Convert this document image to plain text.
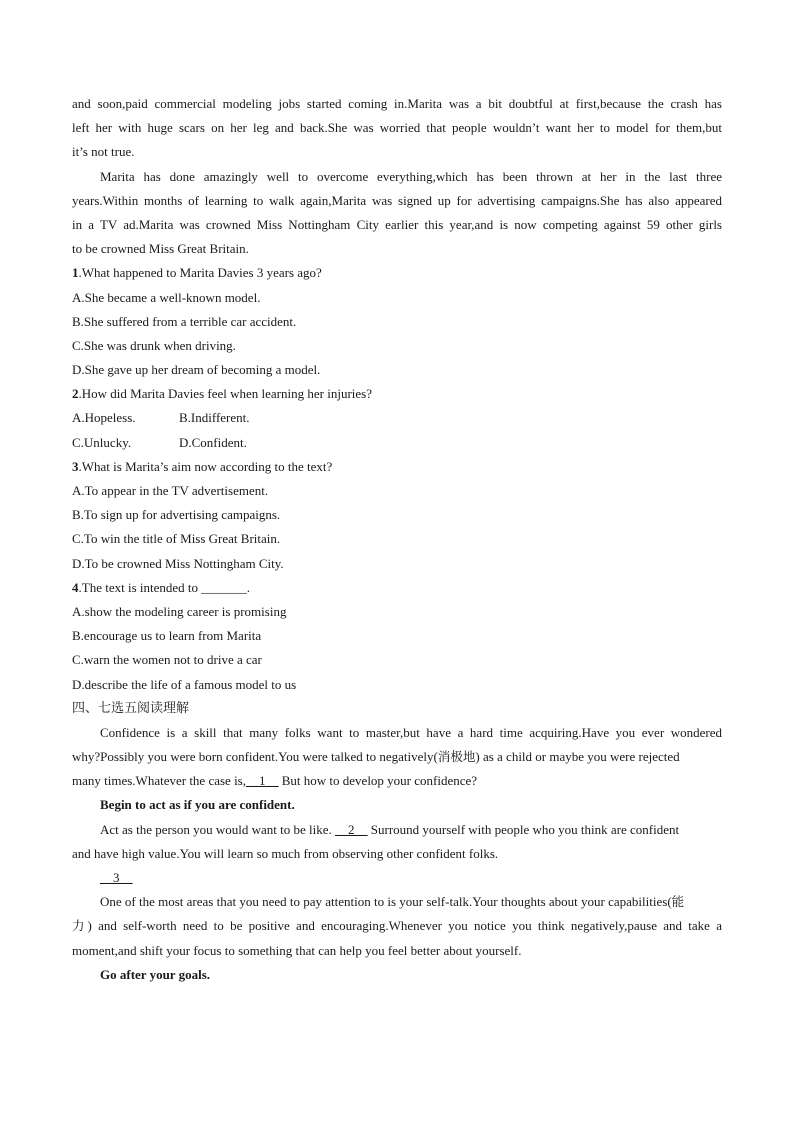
and soon,paid commercial modeling jobs started coming in.Marita was a bit doubtful at first,because the crash has
left her with huge scars on her leg and back.She was worried that people wouldn’t want her to model for them,but
it’s not true.
Marita has done amazingly well to overcome everything,which has been thrown at her in the last three
years.Within months of learning to walk again,Marita was signed up for advertising campaigns.She has also appeared
in a TV ad.Marita was crowned Miss Nottingham City earlier this year,and is now competing against 59 other girls
to be crowned Miss Great Britain.
1.What happened to Marita Davies 3 years ago?
A.She became a well-known model.
B.She suffered from a terrible car accident.
C.She was drunk when driving.
D.She gave up her dream of becoming a model.
2.How did Marita Davies feel when learning her injuries?
A.Hopeless.	B.Indifferent.
C.Unlucky.	D.Confident.
3.What is Marita’s aim now according to the text?
A.To appear in the TV advertisement.
B.To sign up for advertising campaigns.
C.To win the title of Miss Great Britain.
D.To be crowned Miss Nottingham City.
4.The text is intended to _______.
A.show the modeling career is promising
B.encourage us to learn from Marita
C.warn the women not to drive a car
D.describe the life of a famous model to us
四、七选五阅读理解
Confidence is a skill that many folks want to master,but have a hard time acquiring.Have you ever wondered
why?Possibly you were born confident.You were talked to negatively(消极地) as a child or maybe you were rejected
many times.Whatever the case is,__1__ But how to develop your confidence?
Begin to act as if you are confident.
Act as the person you would want to be like. __2__ Surround yourself with people who you think are confident
and have high value.You will learn so much from observing other confident folks.
__3__
One of the most areas that you need to pay attention to is your self-talk.Your thoughts about your capabilities(能
力) and self-worth need to be positive and encouraging.Whenever you notice you think negatively,pause and take a
moment,and shift your focus to something that can help you feel better about yourself.
Go after your goals.
